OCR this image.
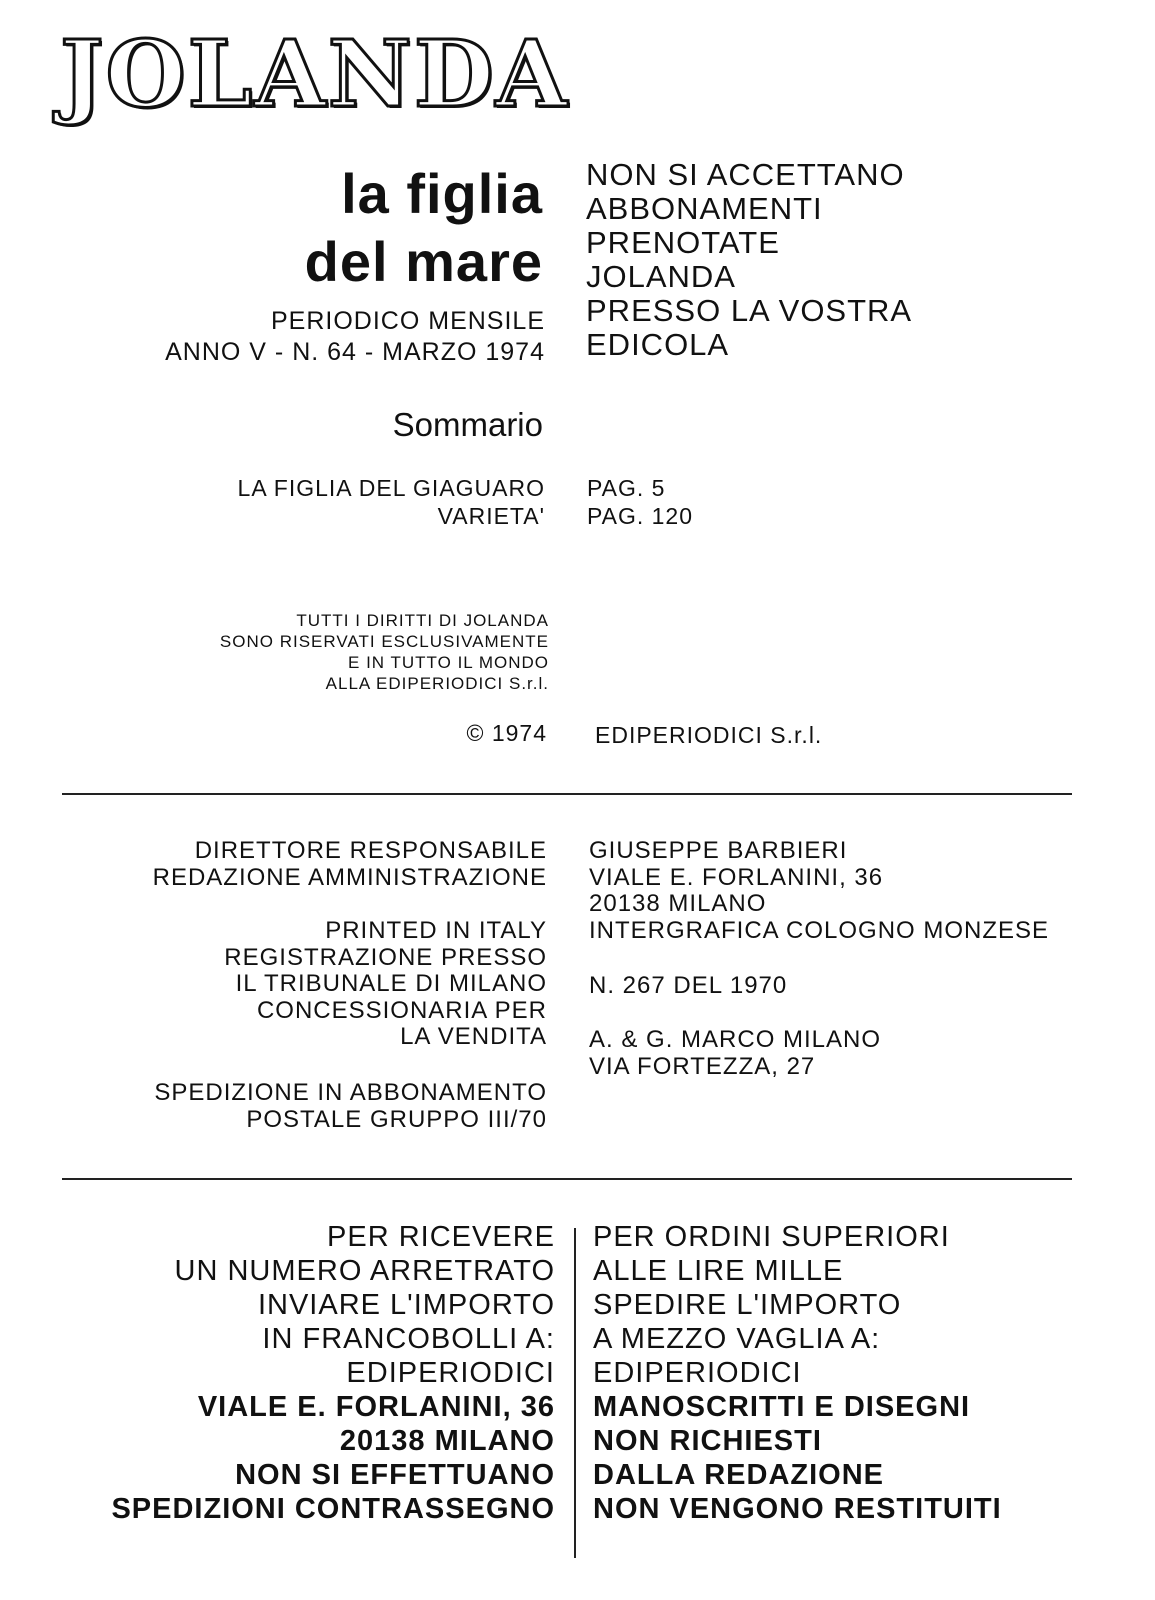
JOLANDA
la figlia
del mare
PERIODICO MENSILE
ANNO V - N. 64 - MARZO 1974
NON SI ACCETTANO
ABBONAMENTI
PRENOTATE
JOLANDA
PRESSO LA VOSTRA
EDICOLA
Sommario
LA FIGLIA DEL GIAGUARO
VARIETA'
PAG. 5
PAG. 120
TUTTI I DIRITTI DI JOLANDA
SONO RISERVATI ESCLUSIVAMENTE
E IN TUTTO IL MONDO
ALLA EDIPERIODICI S.r.l.
© 1974 EDIPERIODICI S.r.l.
DIRETTORE RESPONSABILE
REDAZIONE AMMINISTRAZIONE
GIUSEPPE BARBIERI
VIALE E. FORLANINI, 36
20138 MILANO
INTERGRAFICA COLOGNO MONZESE
PRINTED IN ITALY
REGISTRAZIONE PRESSO
IL TRIBUNALE DI MILANO
CONCESSIONARIA PER
LA VENDITA
N. 267 DEL 1970
A. & G. MARCO MILANO
VIA FORTEZZA, 27
SPEDIZIONE IN ABBONAMENTO
POSTALE GRUPPO III/70
PER RICEVERE
UN NUMERO ARRETRATO
INVIARE L'IMPORTO
IN FRANCOBOLLI A:
EDIPERIODICI
VIALE E. FORLANINI, 36
20138 MILANO
NON SI EFFETTUANO
SPEDIZIONI CONTRASSEGNO
PER ORDINI SUPERIORI
ALLE LIRE MILLE
SPEDIRE L'IMPORTO
A MEZZO VAGLIA A:
EDIPERIODICI
MANOSCRITTI E DISEGNI
NON RICHIESTI
DALLA REDAZIONE
NON VENGONO RESTITUITI
